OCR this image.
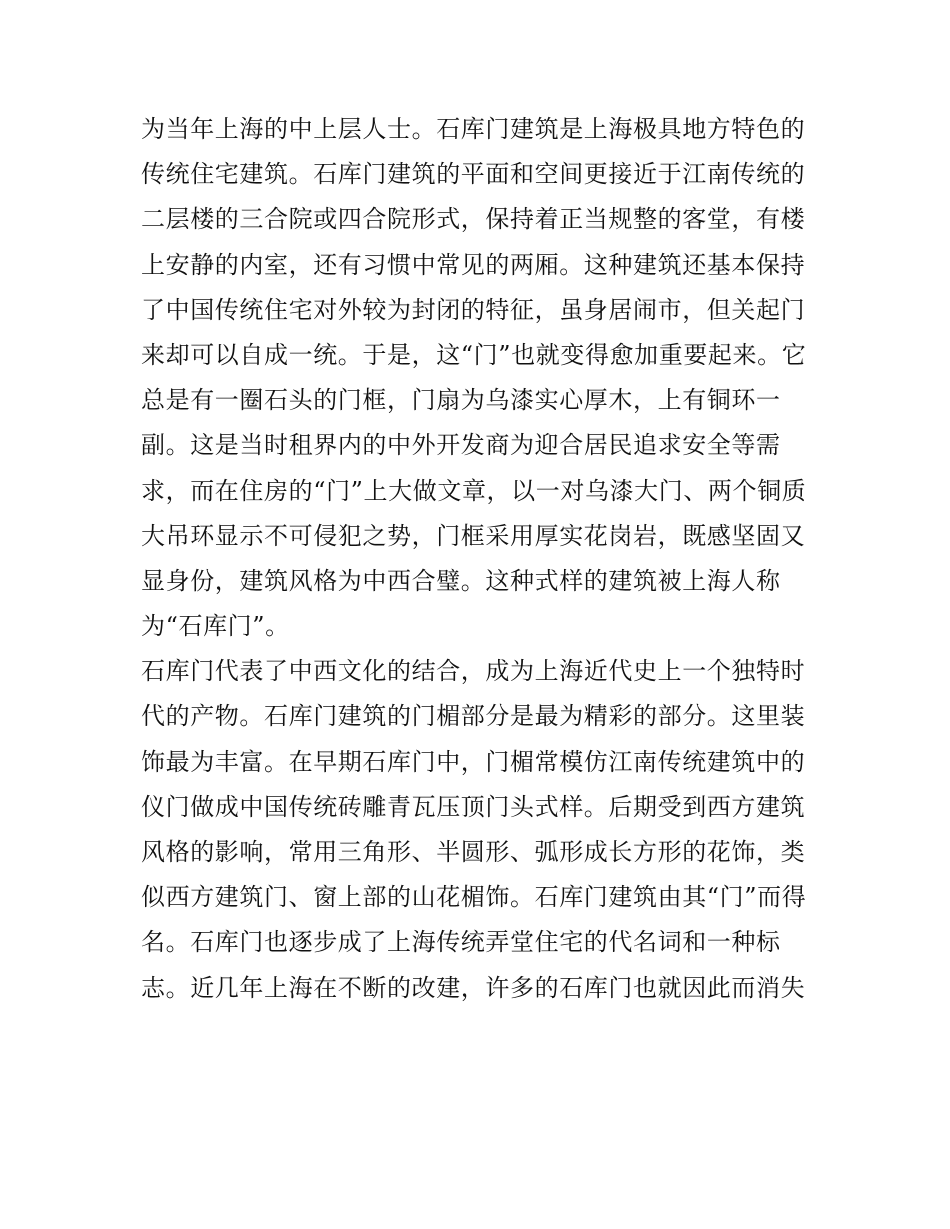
为当年上海的中上层人士。石库门建筑是上海极具地方特色的
传统住宅建筑。石库门建筑的平面和空间更接近于江南传统的
二层楼的三合院或四合院形式，保持着正当规整的客堂，有楼
上安静的内室，还有习惯中常见的两厢。这种建筑还基本保持
了中国传统住宅对外较为封闭的特征，虽身居闹市，但关起门
来却可以自成一统。于是，这“门”也就变得愈加重要起来。它
总是有一圈石头的门框，门扇为乌漆实心厚木，上有铜环一
副。这是当时租界内的中外开发商为迎合居民追求安全等需
求，而在住房的“门”上大做文章，以一对乌漆大门、两个铜质
大吊环显示不可侵犯之势，门框采用厚实花岗岩，既感坚固又
显身份，建筑风格为中西合璧。这种式样的建筑被上海人称
为“石库门”。
石库门代表了中西文化的结合，成为上海近代史上一个独特时
代的产物。石库门建筑的门楣部分是最为精彩的部分。这里装
饰最为丰富。在早期石库门中，门楣常模仿江南传统建筑中的
仪门做成中国传统砖雕青瓦压顶门头式样。后期受到西方建筑
风格的影响，常用三角形、半圆形、弧形成长方形的花饰，类
似西方建筑门、窗上部的山花楣饰。石库门建筑由其“门”而得
名。石库门也逐步成了上海传统弄堂住宅的代名词和一种标
志。近几年上海在不断的改建，许多的石库门也就因此而消失
